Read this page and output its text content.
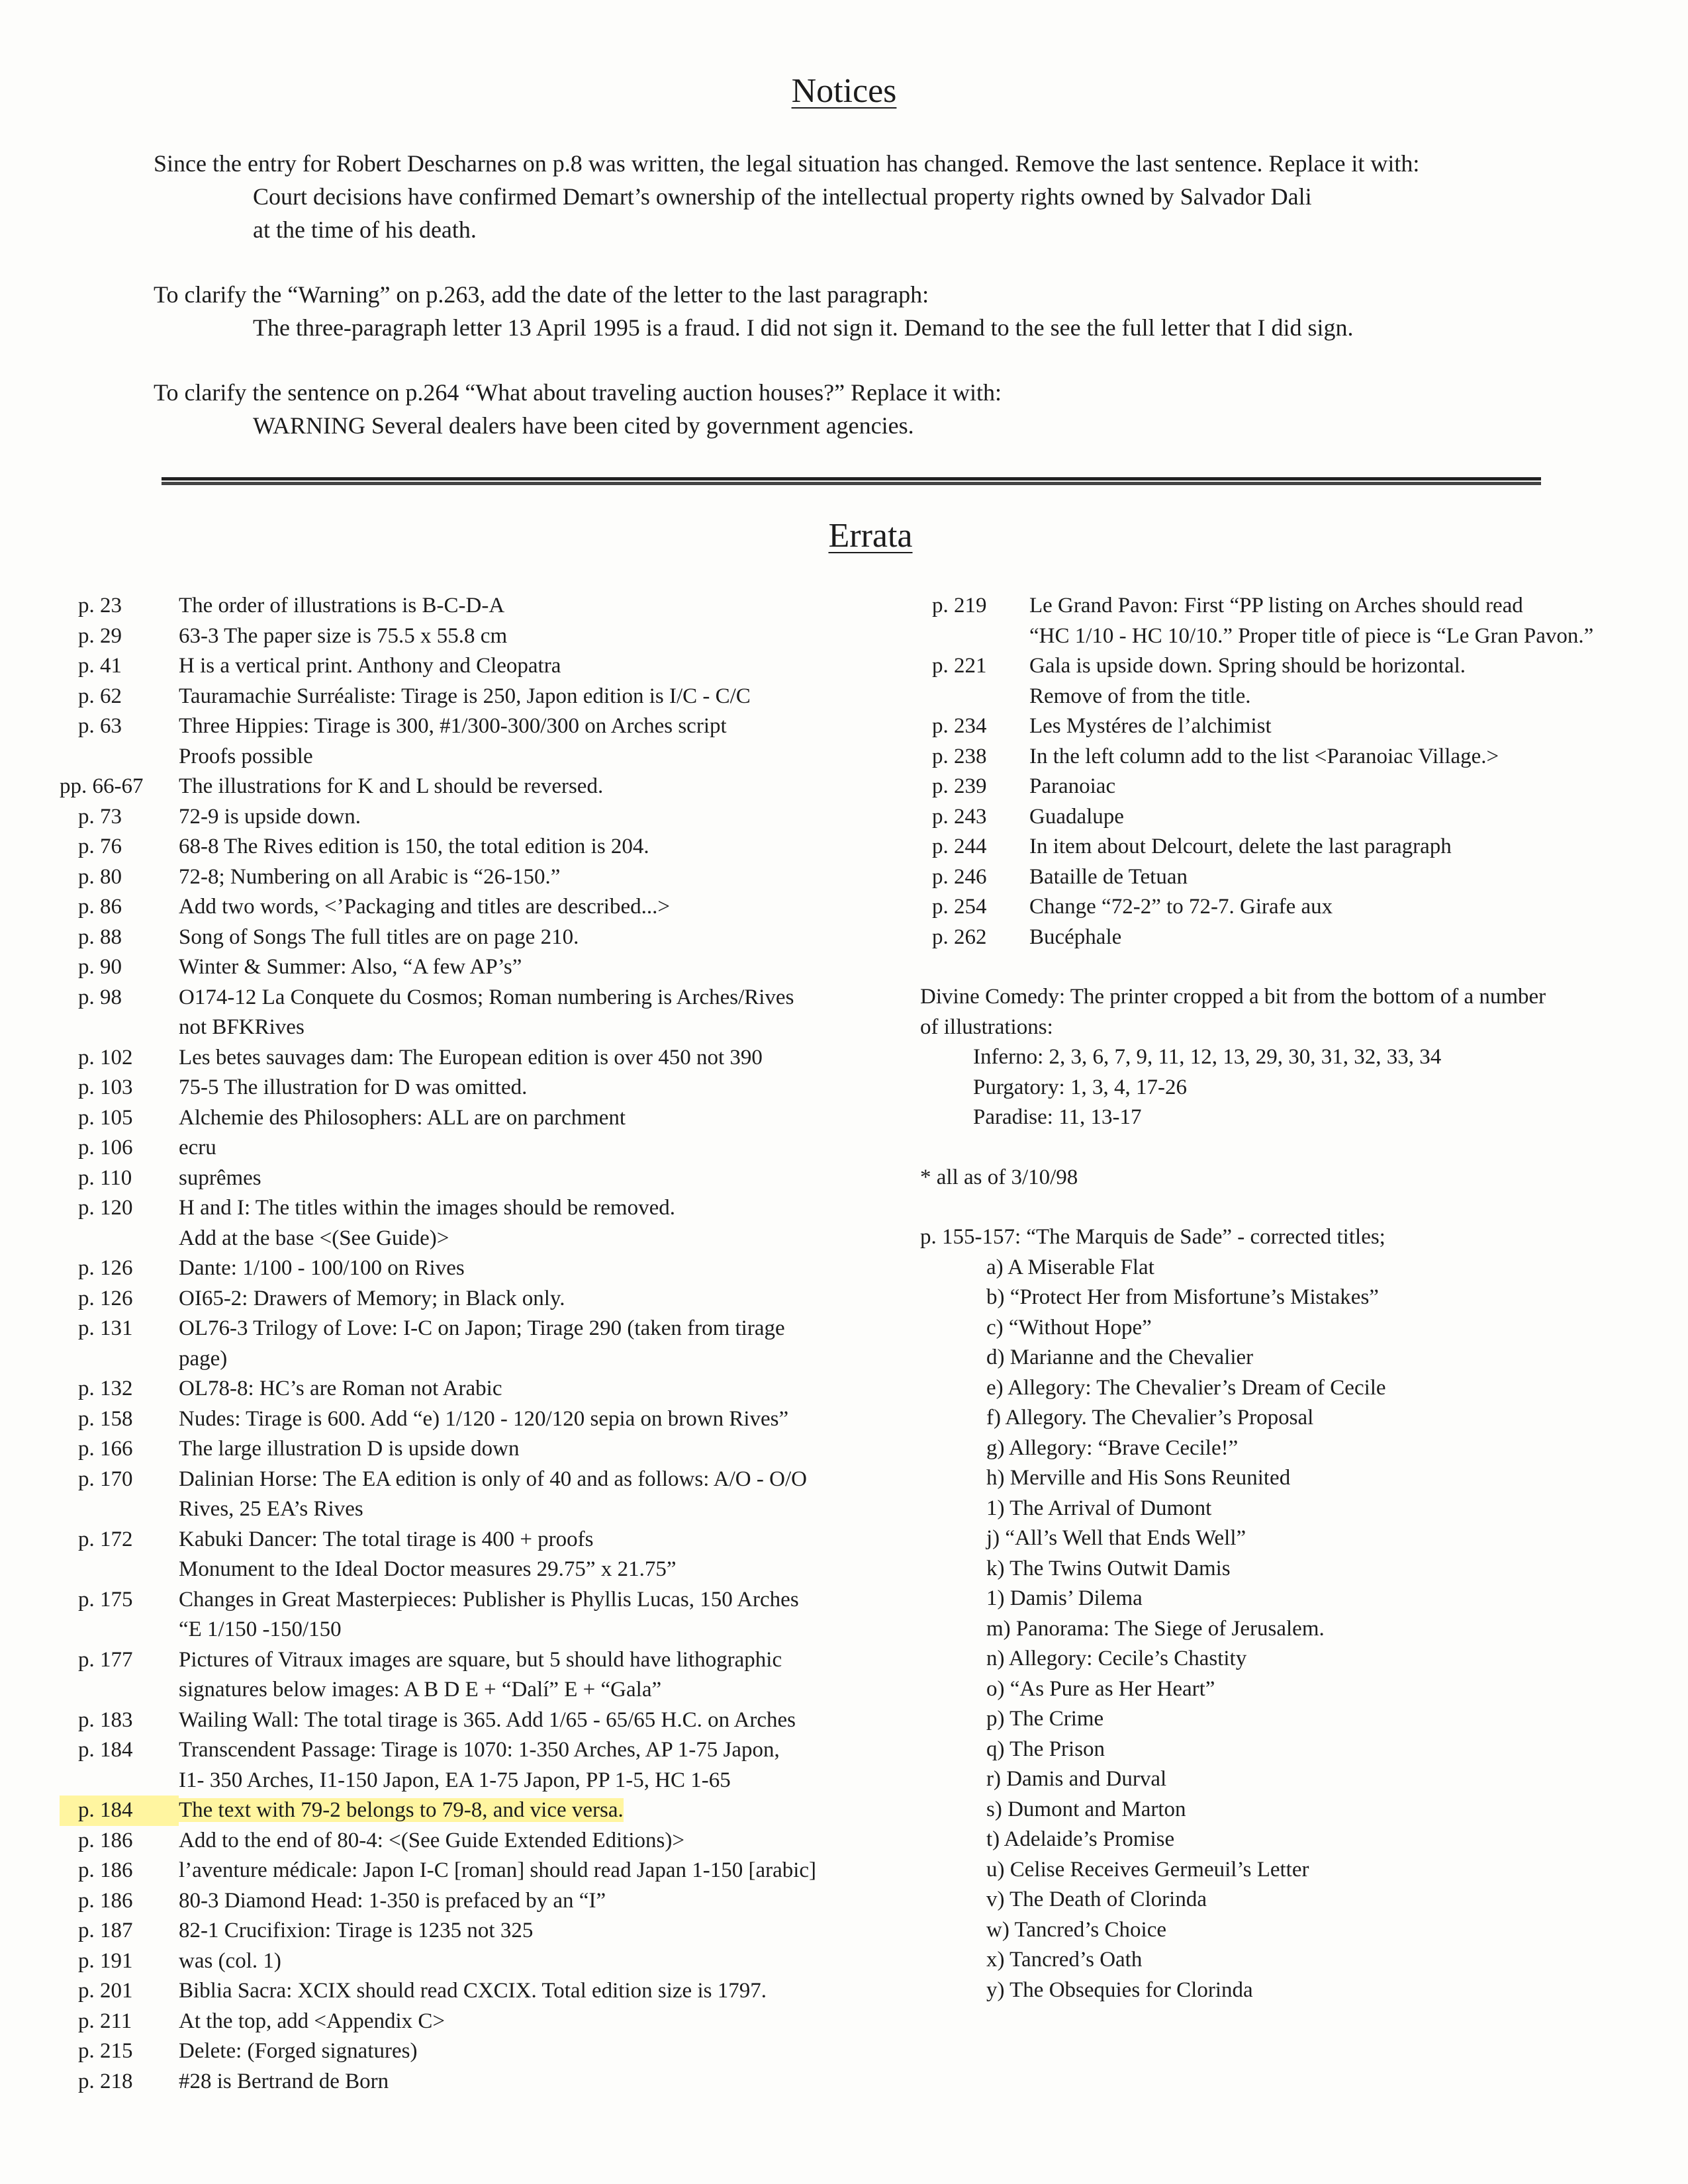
Notices
Since the entry for Robert Descharnes on p.8 was written, the legal situation has changed. Remove the last sentence. Replace it with:
Court decisions have confirmed Demart’s ownership of the intellectual property rights owned by Salvador Dali
at the time of his death.
To clarify the “Warning” on p.263, add the date of the letter to the last paragraph:
The three-paragraph letter 13 April 1995 is a fraud. I did not sign it. Demand to the see the full letter that I did sign.
To clarify the sentence on p.264 “What about traveling auction houses?” Replace it with:
WARNING Several dealers have been cited by government agencies.
Errata
p. 23	The order of illustrations is B-C-D-A
p. 29	63-3 The paper size is 75.5 x 55.8 cm
p. 41	H is a vertical print. Anthony and Cleopatra
p. 62	Tauramachie Surréaliste: Tirage is 250, Japon edition is I/C - C/C
p. 63	Three Hippies: Tirage is 300, #1/300-300/300 on Arches script
Proofs possible
pp. 66-67	The illustrations for K and L should be reversed.
p. 73	72-9 is upside down.
p. 76	68-8 The Rives edition is 150, the total edition is 204.
p. 80	72-8; Numbering on all Arabic is “26-150.”
p. 86	Add two words, <’Packaging and titles are described...>
p. 88	Song of Songs The full titles are on page 210.
p. 90	Winter & Summer: Also, “A few AP’s”
p. 98	O174-12 La Conquete du Cosmos; Roman numbering is Arches/Rives
not BFKRives
p. 102	Les betes sauvages dam: The European edition is over 450 not 390
p. 103	75-5 The illustration for D was omitted.
p. 105	Alchemie des Philosophers: ALL are on parchment
p. 106	ecru
p. 110	suprêmes
p. 120	H and I: The titles within the images should be removed.
Add at the base <(See Guide)>
p. 126	Dante: 1/100 - 100/100 on Rives
p. 126	OI65-2: Drawers of Memory; in Black only.
p. 131	OL76-3 Trilogy of Love: I-C on Japon; Tirage 290 (taken from tirage
page)
p. 132	OL78-8: HC’s are Roman not Arabic
p. 158	Nudes: Tirage is 600. Add “e) 1/120 - 120/120 sepia on brown Rives”
p. 166	The large illustration D is upside down
p. 170	Dalinian Horse: The EA edition is only of 40 and as follows: A/O - O/O
Rives, 25 EA’s Rives
p. 172	Kabuki Dancer: The total tirage is 400 + proofs
Monument to the Ideal Doctor measures 29.75” x 21.75”
p. 175	Changes in Great Masterpieces: Publisher is Phyllis Lucas, 150 Arches
“E 1/150 -150/150
p. 177	Pictures of Vitraux images are square, but 5 should have lithographic
signatures below images: A B D E + “Dalí” E + “Gala”
p. 183	Wailing Wall: The total tirage is 365. Add 1/65 - 65/65 H.C. on Arches
p. 184	Transcendent Passage: Tirage is 1070: 1-350 Arches, AP 1-75 Japon,
I1- 350 Arches, I1-150 Japon, EA 1-75 Japon, PP 1-5, HC 1-65
p. 184	The text with 79-2 belongs to 79-8, and vice versa.
p. 186	Add to the end of 80-4: <(See Guide Extended Editions)>
p. 186	l’aventure médicale: Japon I-C [roman] should read Japan 1-150 [arabic]
p. 186	80-3 Diamond Head: 1-350 is prefaced by an “I”
p. 187	82-1 Crucifixion: Tirage is 1235 not 325
p. 191	was (col. 1)
p. 201	Biblia Sacra: XCIX should read CXCIX. Total edition size is 1797.
p. 211	At the top, add <Appendix C>
p. 215	Delete: (Forged signatures)
p. 218	#28 is Bertrand de Born
p. 219	Le Grand Pavon: First “PP listing on Arches should read
“HC 1/10 - HC 10/10.” Proper title of piece is “Le Gran Pavon.”
p. 221	Gala is upside down. Spring should be horizontal.
Remove of from the title.
p. 234	Les Mystéres de l’alchimist
p. 238	In the left column add to the list <Paranoiac Village.>
p. 239	Paranoiac
p. 243	Guadalupe
p. 244	In item about Delcourt, delete the last paragraph
p. 246	Bataille de Tetuan
p. 254	Change “72-2” to 72-7. Girafe aux
p. 262	Bucéphale
Divine Comedy: The printer cropped a bit from the bottom of a number
of illustrations:
Inferno: 2, 3, 6, 7, 9, 11, 12, 13, 29, 30, 31, 32, 33, 34
Purgatory: 1, 3, 4, 17-26
Paradise: 11, 13-17
* all as of 3/10/98
p. 155-157: “The Marquis de Sade” - corrected titles;
a) A Miserable Flat
b) “Protect Her from Misfortune’s Mistakes”
c) “Without Hope”
d) Marianne and the Chevalier
e) Allegory: The Chevalier’s Dream of Cecile
f) Allegory. The Chevalier’s Proposal
g) Allegory: “Brave Cecile!”
h) Merville and His Sons Reunited
1) The Arrival of Dumont
j) “All’s Well that Ends Well”
k) The Twins Outwit Damis
1) Damis’ Dilema
m) Panorama: The Siege of Jerusalem.
n) Allegory: Cecile’s Chastity
o) “As Pure as Her Heart”
p) The Crime
q) The Prison
r) Damis and Durval
s) Dumont and Marton
t) Adelaide’s Promise
u) Celise Receives Germeuil’s Letter
v) The Death of Clorinda
w) Tancred’s Choice
x) Tancred’s Oath
y) The Obsequies for Clorinda
